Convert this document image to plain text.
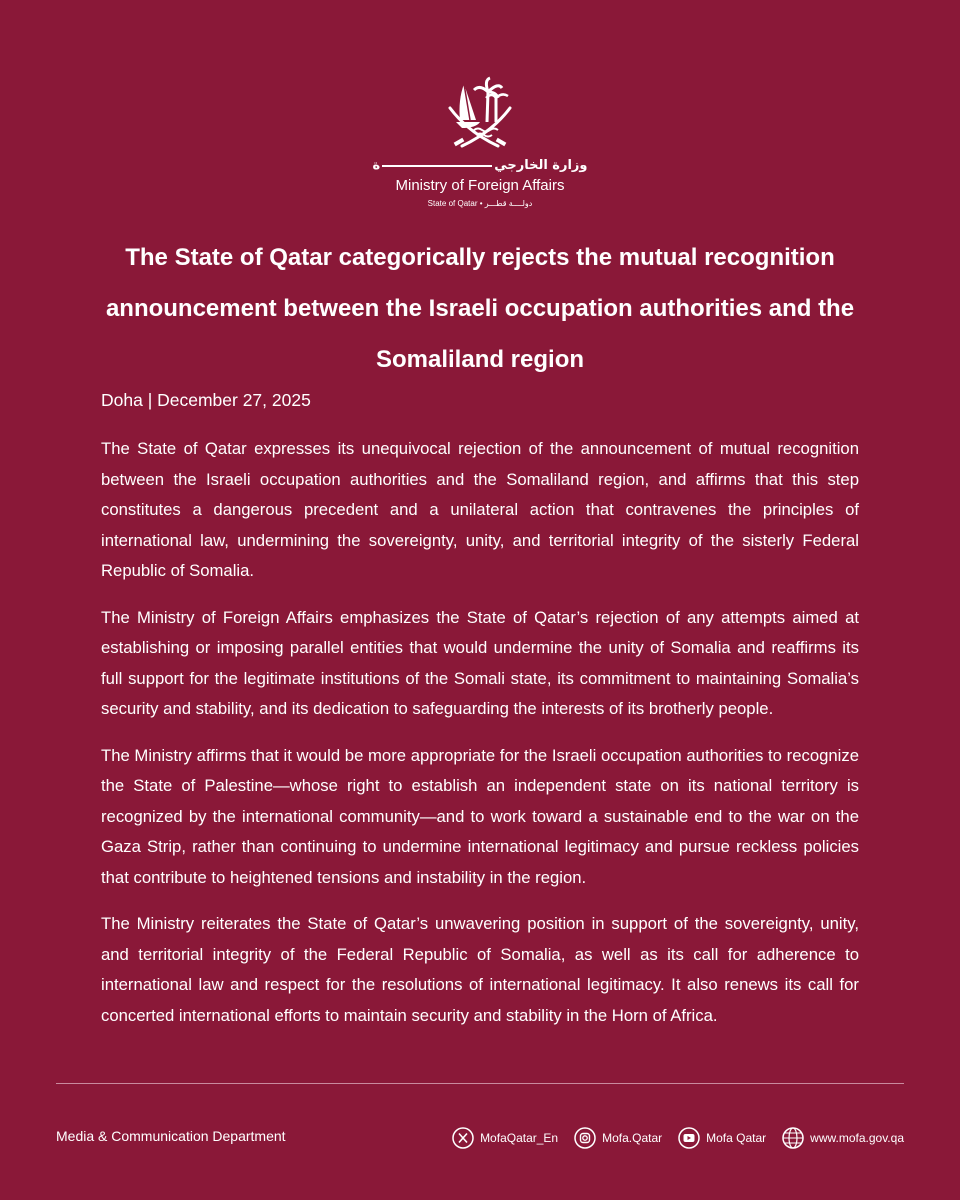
وزارة الخارجية
Ministry of Foreign Affairs
State of Qatar • دولــــة قطـــر
The State of Qatar categorically rejects the mutual recognition announcement between the Israeli occupation authorities and the Somaliland region
Doha | December 27, 2025

The State of Qatar expresses its unequivocal rejection of the announcement of mutual recognition between the Israeli occupation authorities and the Somaliland region, and affirms that this step constitutes a dangerous precedent and a unilateral action that contravenes the principles of international law, undermining the sovereignty, unity, and territorial integrity of the sisterly Federal Republic of Somalia.

The Ministry of Foreign Affairs emphasizes the State of Qatar’s rejection of any attempts aimed at establishing or imposing parallel entities that would undermine the unity of Somalia and reaffirms its full support for the legitimate institutions of the Somali state, its commitment to maintaining Somalia’s security and stability, and its dedication to safeguarding the interests of its brotherly people.

The Ministry affirms that it would be more appropriate for the Israeli occupation authorities to recognize the State of Palestine—whose right to establish an independent state on its national territory is recognized by the international community—and to work toward a sustainable end to the war on the Gaza Strip, rather than continuing to undermine international legitimacy and pursue reckless policies that contribute to heightened tensions and instability in the region.

The Ministry reiterates the State of Qatar’s unwavering position in support of the sovereignty, unity, and territorial integrity of the Federal Republic of Somalia, as well as its call for adherence to international law and respect for the resolutions of international legitimacy. It also renews its call for concerted international efforts to maintain security and stability in the Horn of Africa.

Media & Communication Department	MofaQatar_En	Mofa.Qatar	Mofa Qatar	www.mofa.gov.qa
